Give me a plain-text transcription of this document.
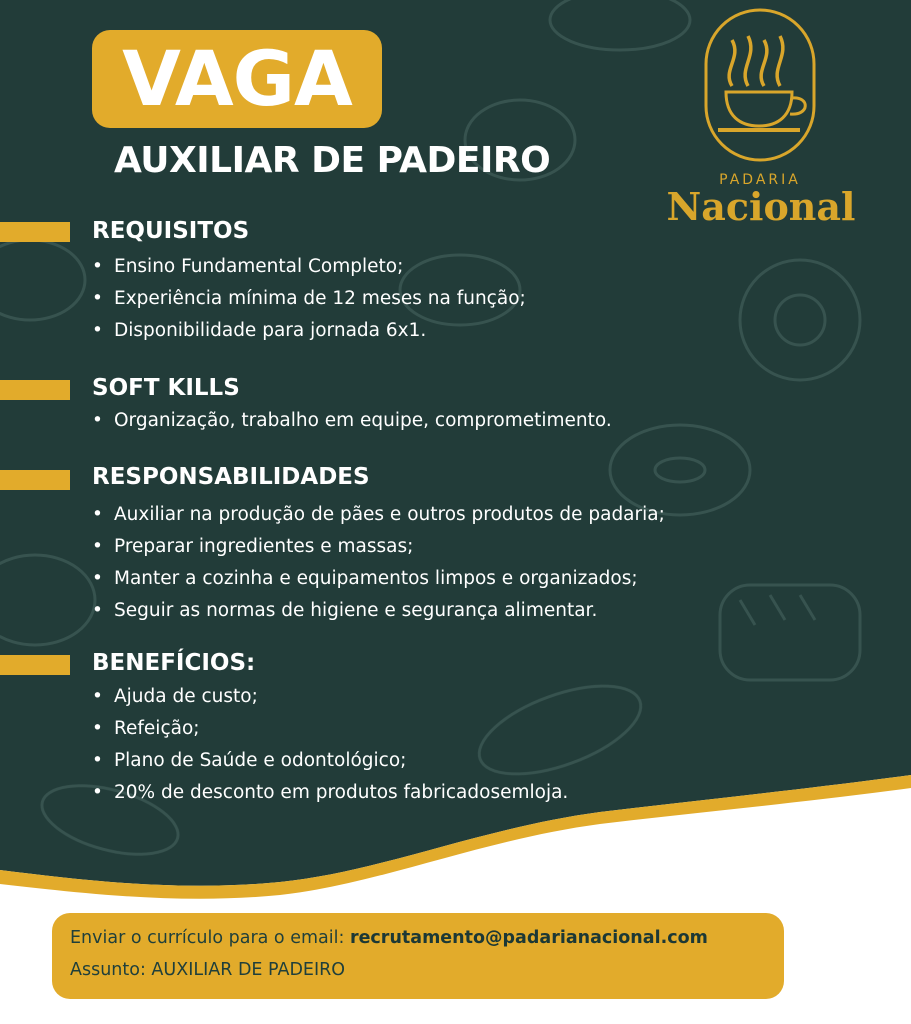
VAGA
AUXILIAR DE PADEIRO	PADARIA
Nacional
REQUISITOS
• Ensino Fundamental Completo;
• Experiência mínima de 12 meses na função;
• Disponibilidade para jornada 6x1.
SOFT KILLS
• Organização, trabalho em equipe, comprometimento.
RESPONSABILIDADES
• Auxiliar na produção de pães e outros produtos de padaria;
• Preparar ingredientes e massas;
• Manter a cozinha e equipamentos limpos e organizados;
• Seguir as normas de higiene e segurança alimentar.
BENEFÍCIOS:
• Ajuda de custo;
• Refeição;
• Plano de Saúde e odontológico;
• 20% de desconto em produtos fabricadosemloja.
Enviar o currículo para o email: recrutamento@padarianacional.com
Assunto: AUXILIAR DE PADEIRO
